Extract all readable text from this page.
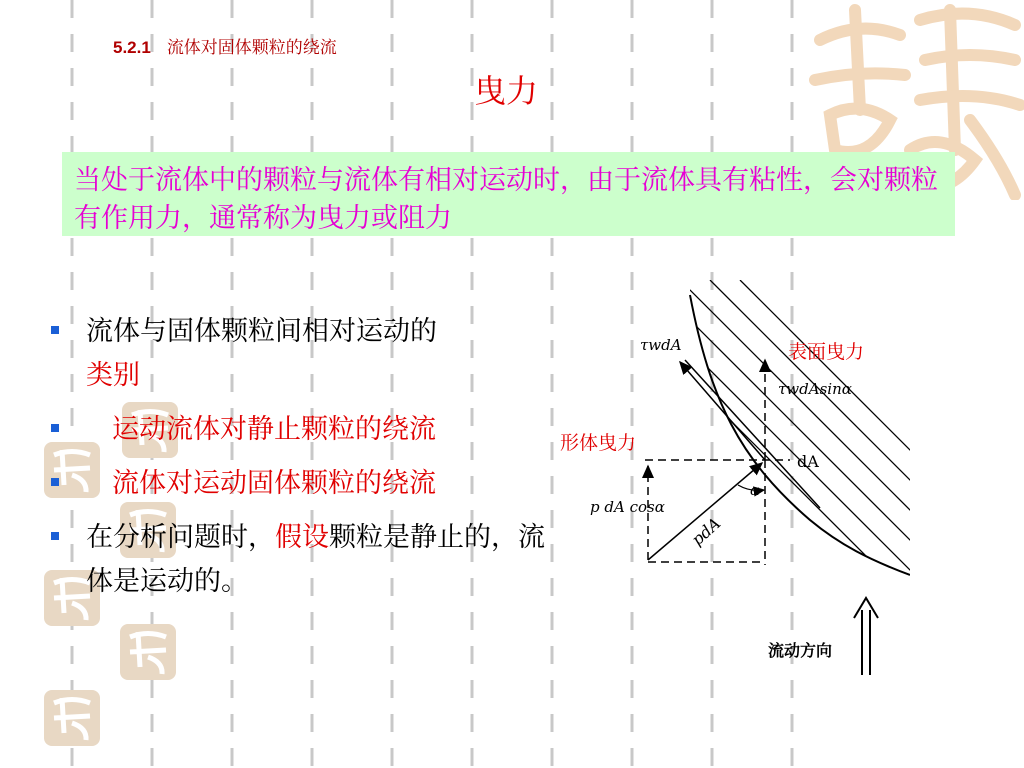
5.2.1 流体对固体颗粒的绕流
曳力
当处于流体中的颗粒与流体有相对运动时，由于流体具有粘性，会对颗粒有作用力，通常称为曳力或阻力
流体与固体颗粒间相对运动的
类别
运动流体对静止颗粒的绕流
流体对运动固体颗粒的绕流
在分析问题时，假设颗粒是静止的，流体是运动的。
表面曳力
形体曳力
τwdA
τwdAsinα
dA
p dA cosα
pdA
α
流动方向
